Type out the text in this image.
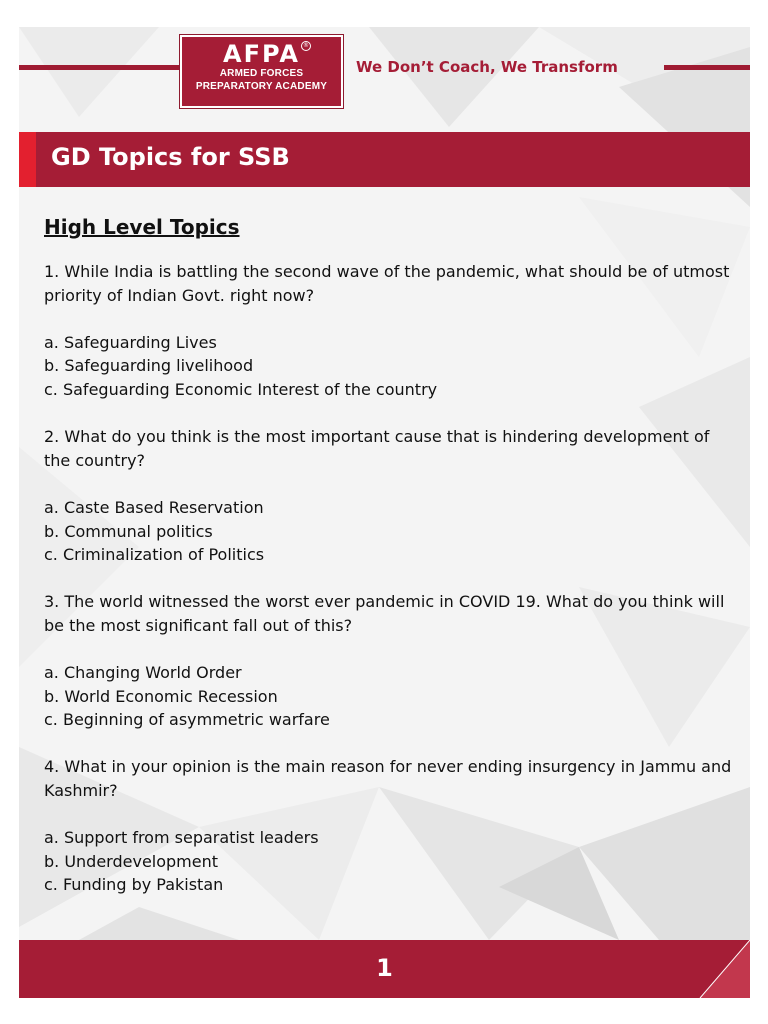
AFPA ®
ARMED FORCES
PREPARATORY ACADEMY
We Don’t Coach, We Transform
GD Topics for SSB
High Level Topics
1. While India is battling the second wave of the pandemic, what should be of utmost priority of Indian Govt. right now?
a. Safeguarding Lives
b. Safeguarding livelihood
c. Safeguarding Economic Interest of the country
2. What do you think is the most important cause that is hindering development of the country?
a. Caste Based Reservation
b. Communal politics
c. Criminalization of Politics
3. The world witnessed the worst ever pandemic in COVID 19. What do you think will be the most significant fall out of this?
a. Changing World Order
b. World Economic Recession
c. Beginning of asymmetric warfare
4. What in your opinion is the main reason for never ending insurgency in Jammu and Kashmir?
a. Support from separatist leaders
b. Underdevelopment
c. Funding by Pakistan
1
